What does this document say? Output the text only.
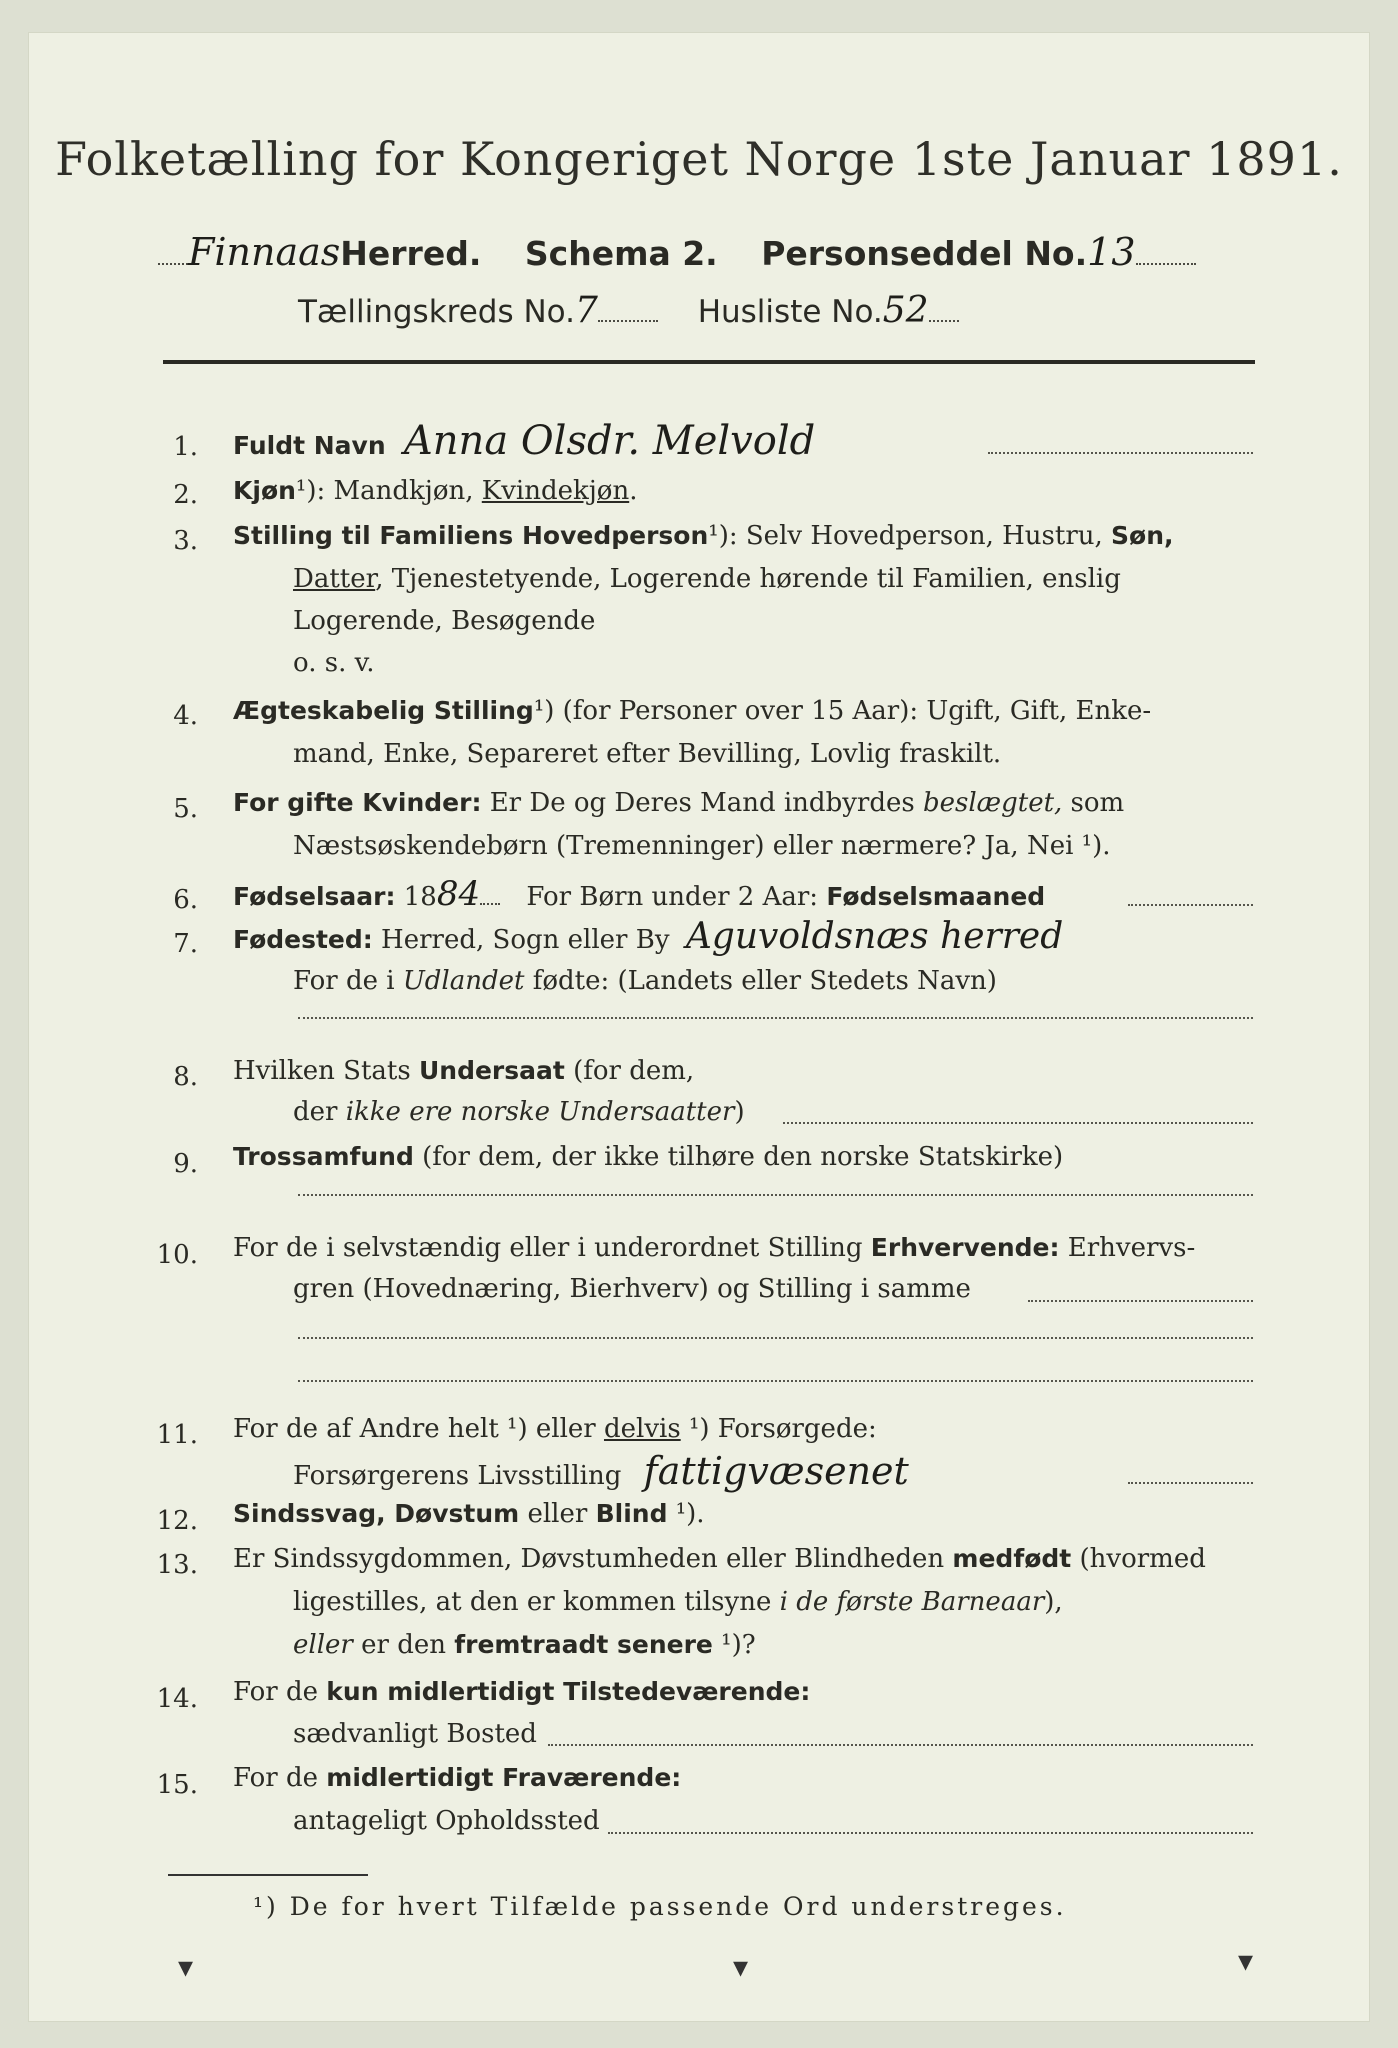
Folketælling for Kongeriget Norge 1ste Januar 1891.
FinnaasHerred. Schema 2. Personseddel No.13
Tællingskreds No.7	Husliste No.52
1. Fuldt Navn Anna Olsdr. Melvold
2. Kjøn¹): Mandkjøn, Kvindekjøn.
3. Stilling til Familiens Hovedperson¹): Selv Hovedperson, Hustru, Søn,
Datter, Tjenestetyende, Logerende hørende til Familien, enslig
Logerende, Besøgende
o. s. v.
4. Ægteskabelig Stilling¹) (for Personer over 15 Aar): Ugift, Gift, Enke-
mand, Enke, Separeret efter Bevilling, Lovlig fraskilt.
5. For gifte Kvinder: Er De og Deres Mand indbyrdes beslægtet, som
Næstsøskendebørn (Tremenninger) eller nærmere? Ja, Nei ¹).
6. Fødselsaar: 1884 For Børn under 2 Aar: Fødselsmaaned
7. Fødested: Herred, Sogn eller By Aguvoldsnæs herred
For de i Udlandet fødte: (Landets eller Stedets Navn)
8. Hvilken Stats Undersaat (for dem,
der ikke ere norske Undersaatter)
9. Trossamfund (for dem, der ikke tilhøre den norske Statskirke)
10. For de i selvstændig eller i underordnet Stilling Erhvervende: Erhvervs-
gren (Hovednæring, Bierhverv) og Stilling i samme
11. For de af Andre helt ¹) eller delvis ¹) Forsørgede:
Forsørgerens Livsstilling fattigvæsenet
12. Sindssvag, Døvstum eller Blind ¹).
13. Er Sindssygdommen, Døvstumheden eller Blindheden medfødt (hvormed
ligestilles, at den er kommen tilsyne i de første Barneaar),
eller er den fremtraadt senere ¹)?
14. For de kun midlertidigt Tilstedeværende:
sædvanligt Bosted
15. For de midlertidigt Fraværende:
antageligt Opholdssted
¹) De for hvert Tilfælde passende Ord understreges.
▾	▾	▾
